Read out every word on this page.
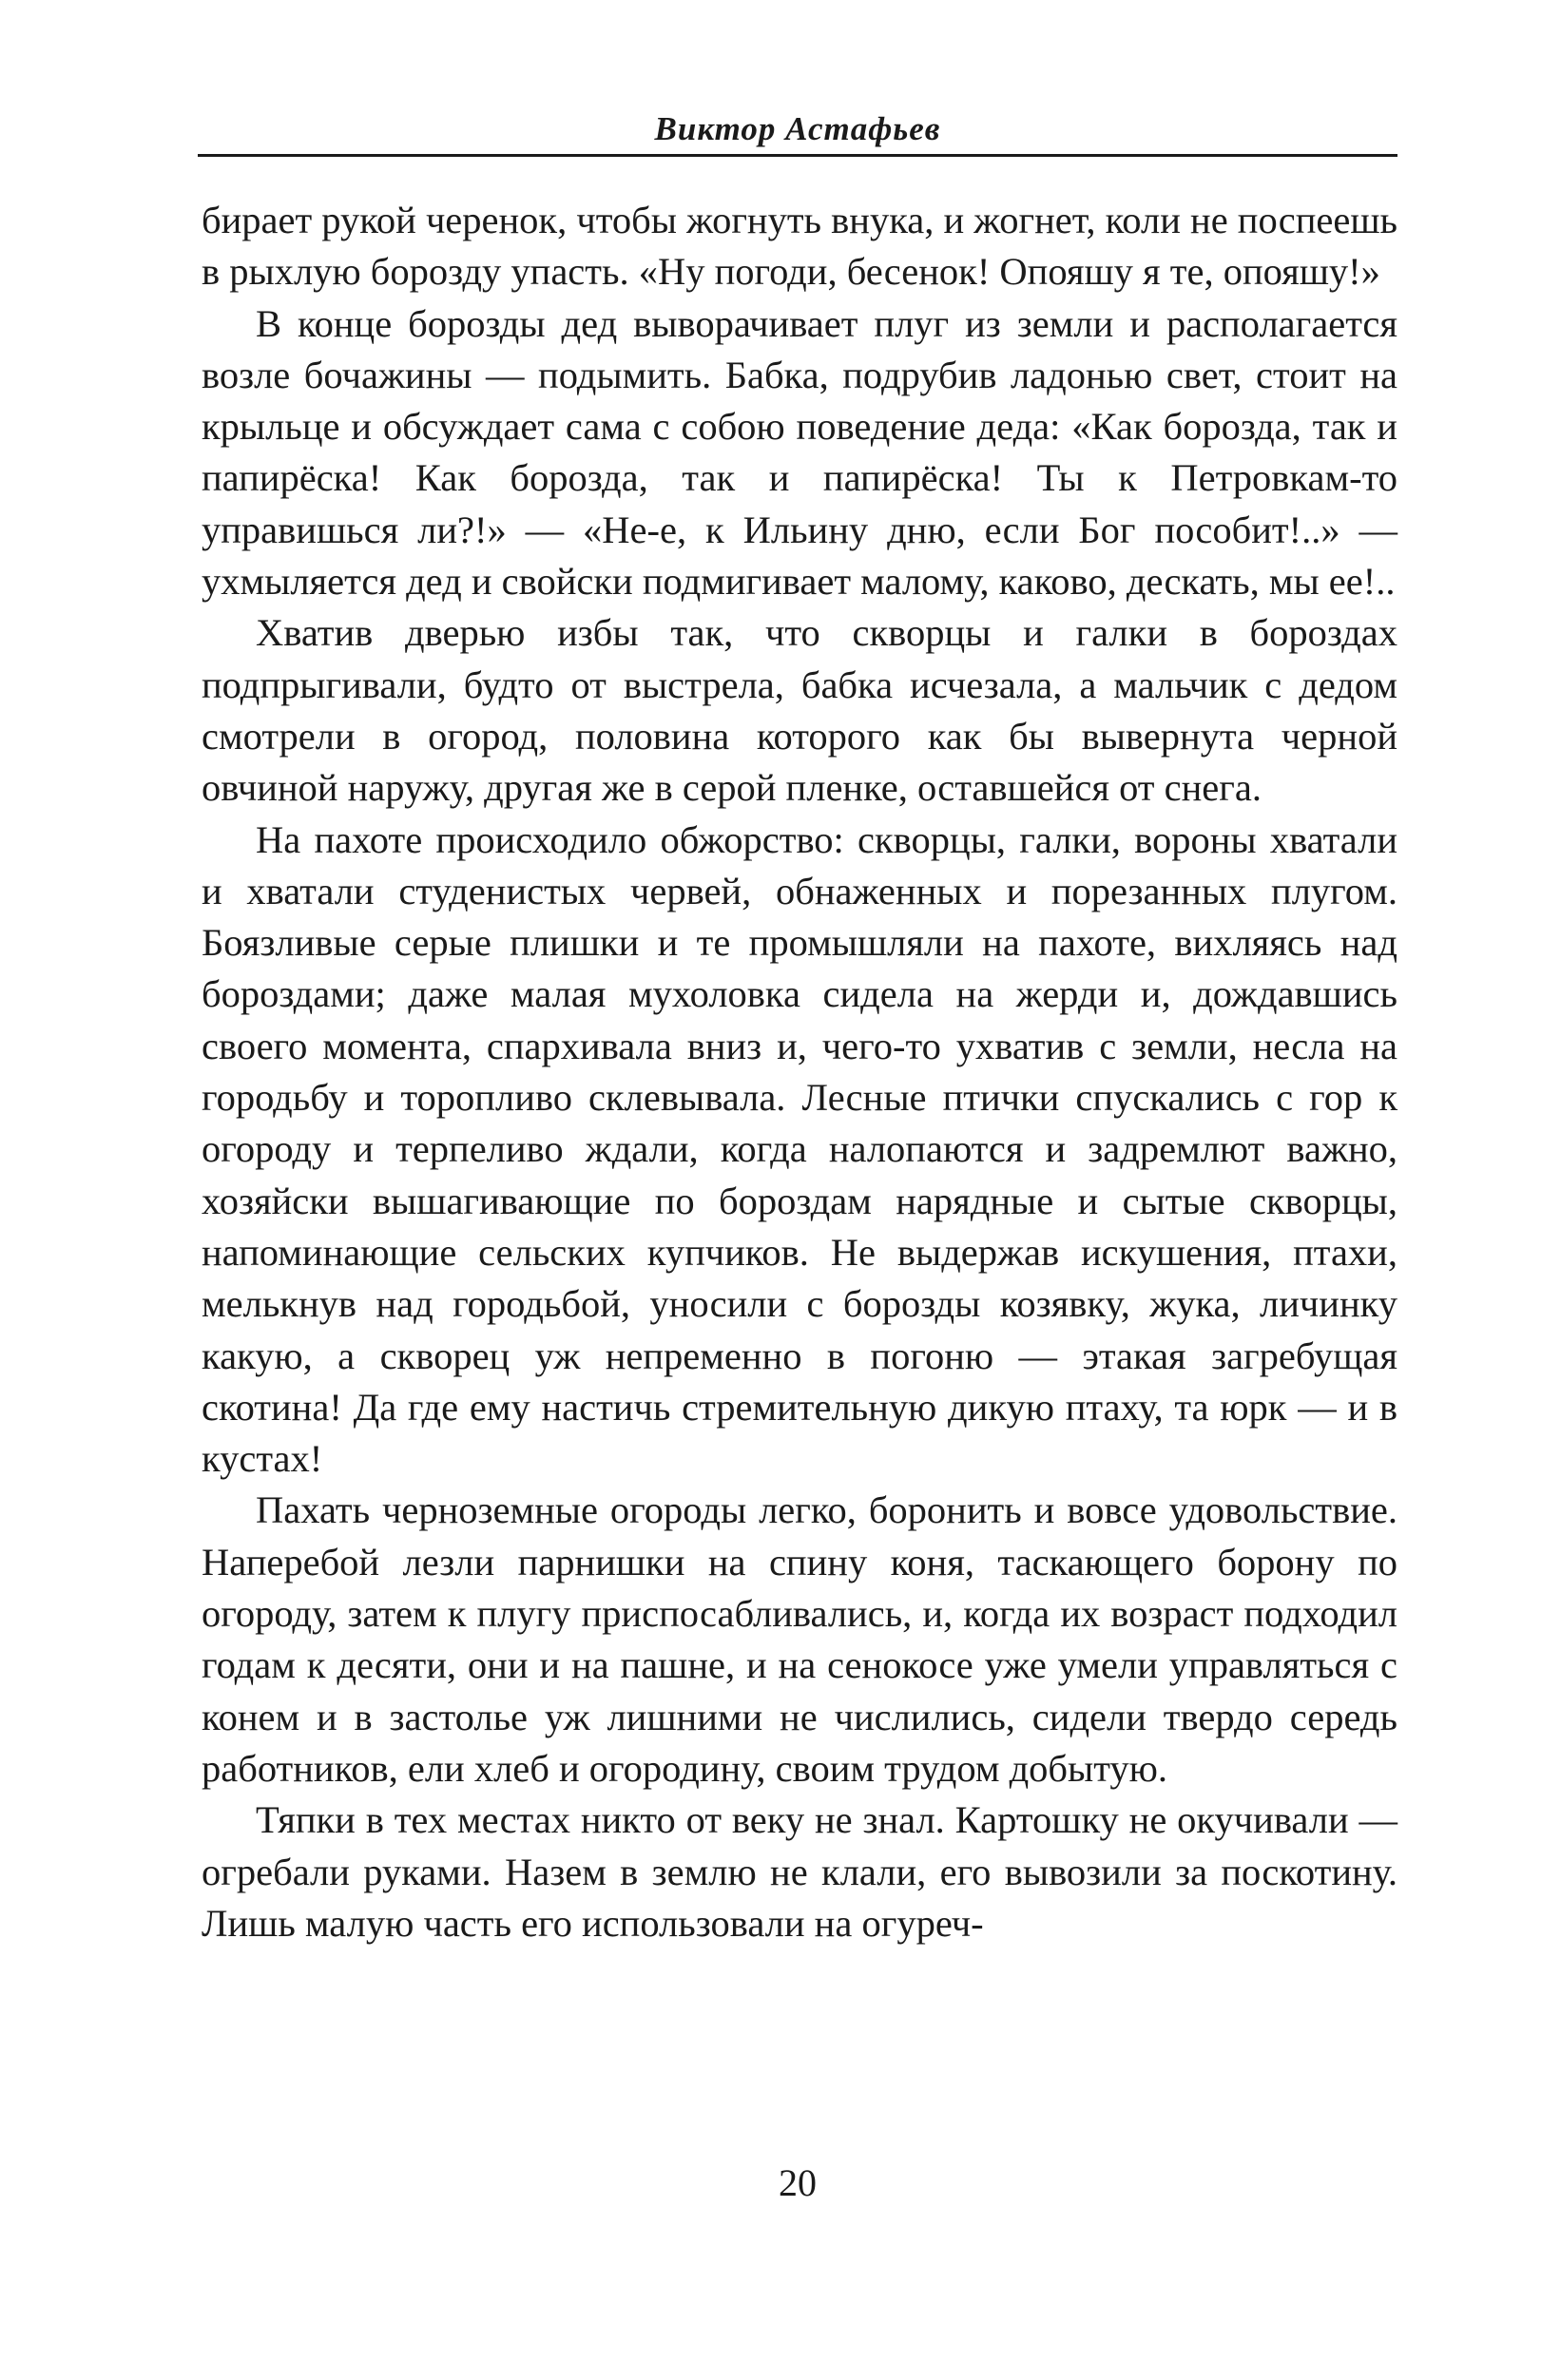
Виктор Астафьев

бирает рукой черенок, чтобы жогнуть внука, и жогнет, коли не поспеешь в рыхлую борозду упасть. «Ну погоди, бесенок! Опояшу я те, опояшу!»

В конце борозды дед выворачивает плуг из земли и располагается возле бочажины — подымить. Бабка, подрубив ладонью свет, стоит на крыльце и обсуждает сама с собою поведение деда: «Как борозда, так и папирёска! Как борозда, так и папирёска! Ты к Петровкам-то управишься ли?!» — «Не-е, к Ильину дню, если Бог пособит!..» — ухмыляется дед и свойски подмигивает малому, каково, дескать, мы ее!..

Хватив дверью избы так, что скворцы и галки в бороздах подпрыгивали, будто от выстрела, бабка исчезала, а мальчик с дедом смотрели в огород, половина которого как бы вывернута черной овчиной наружу, другая же в серой пленке, оставшейся от снега.

На пахоте происходило обжорство: скворцы, галки, вороны хватали и хватали студенистых червей, обнаженных и порезанных плугом. Боязливые серые плишки и те промышляли на пахоте, вихляясь над бороздами; даже малая мухоловка сидела на жерди и, дождавшись своего момента, спархивала вниз и, чего-то ухватив с земли, несла на городьбу и торопливо склевывала. Лесные птички спускались с гор к огороду и терпеливо ждали, когда налопаются и задремлют важно, хозяйски вышагивающие по бороздам нарядные и сытые скворцы, напоминающие сельских купчиков. Не выдержав искушения, птахи, мелькнув над городьбой, уносили с борозды козявку, жука, личинку какую, а скворец уж непременно в погоню — этакая загребущая скотина! Да где ему настичь стремительную дикую птаху, та юрк — и в кустах!

Пахать черноземные огороды легко, боронить и вовсе удовольствие. Наперебой лезли парнишки на спину коня, таскающего борону по огороду, затем к плугу приспосабливались, и, когда их возраст подходил годам к десяти, они и на пашне, и на сенокосе уже умели управляться с конем и в застолье уж лишними не числились, сидели твердо середь работников, ели хлеб и огородину, своим трудом добытую.

Тяпки в тех местах никто от веку не знал. Картошку не окучивали — огребали руками. Назем в землю не клали, его вывозили за поскотину. Лишь малую часть его использовали на огуреч-

20
